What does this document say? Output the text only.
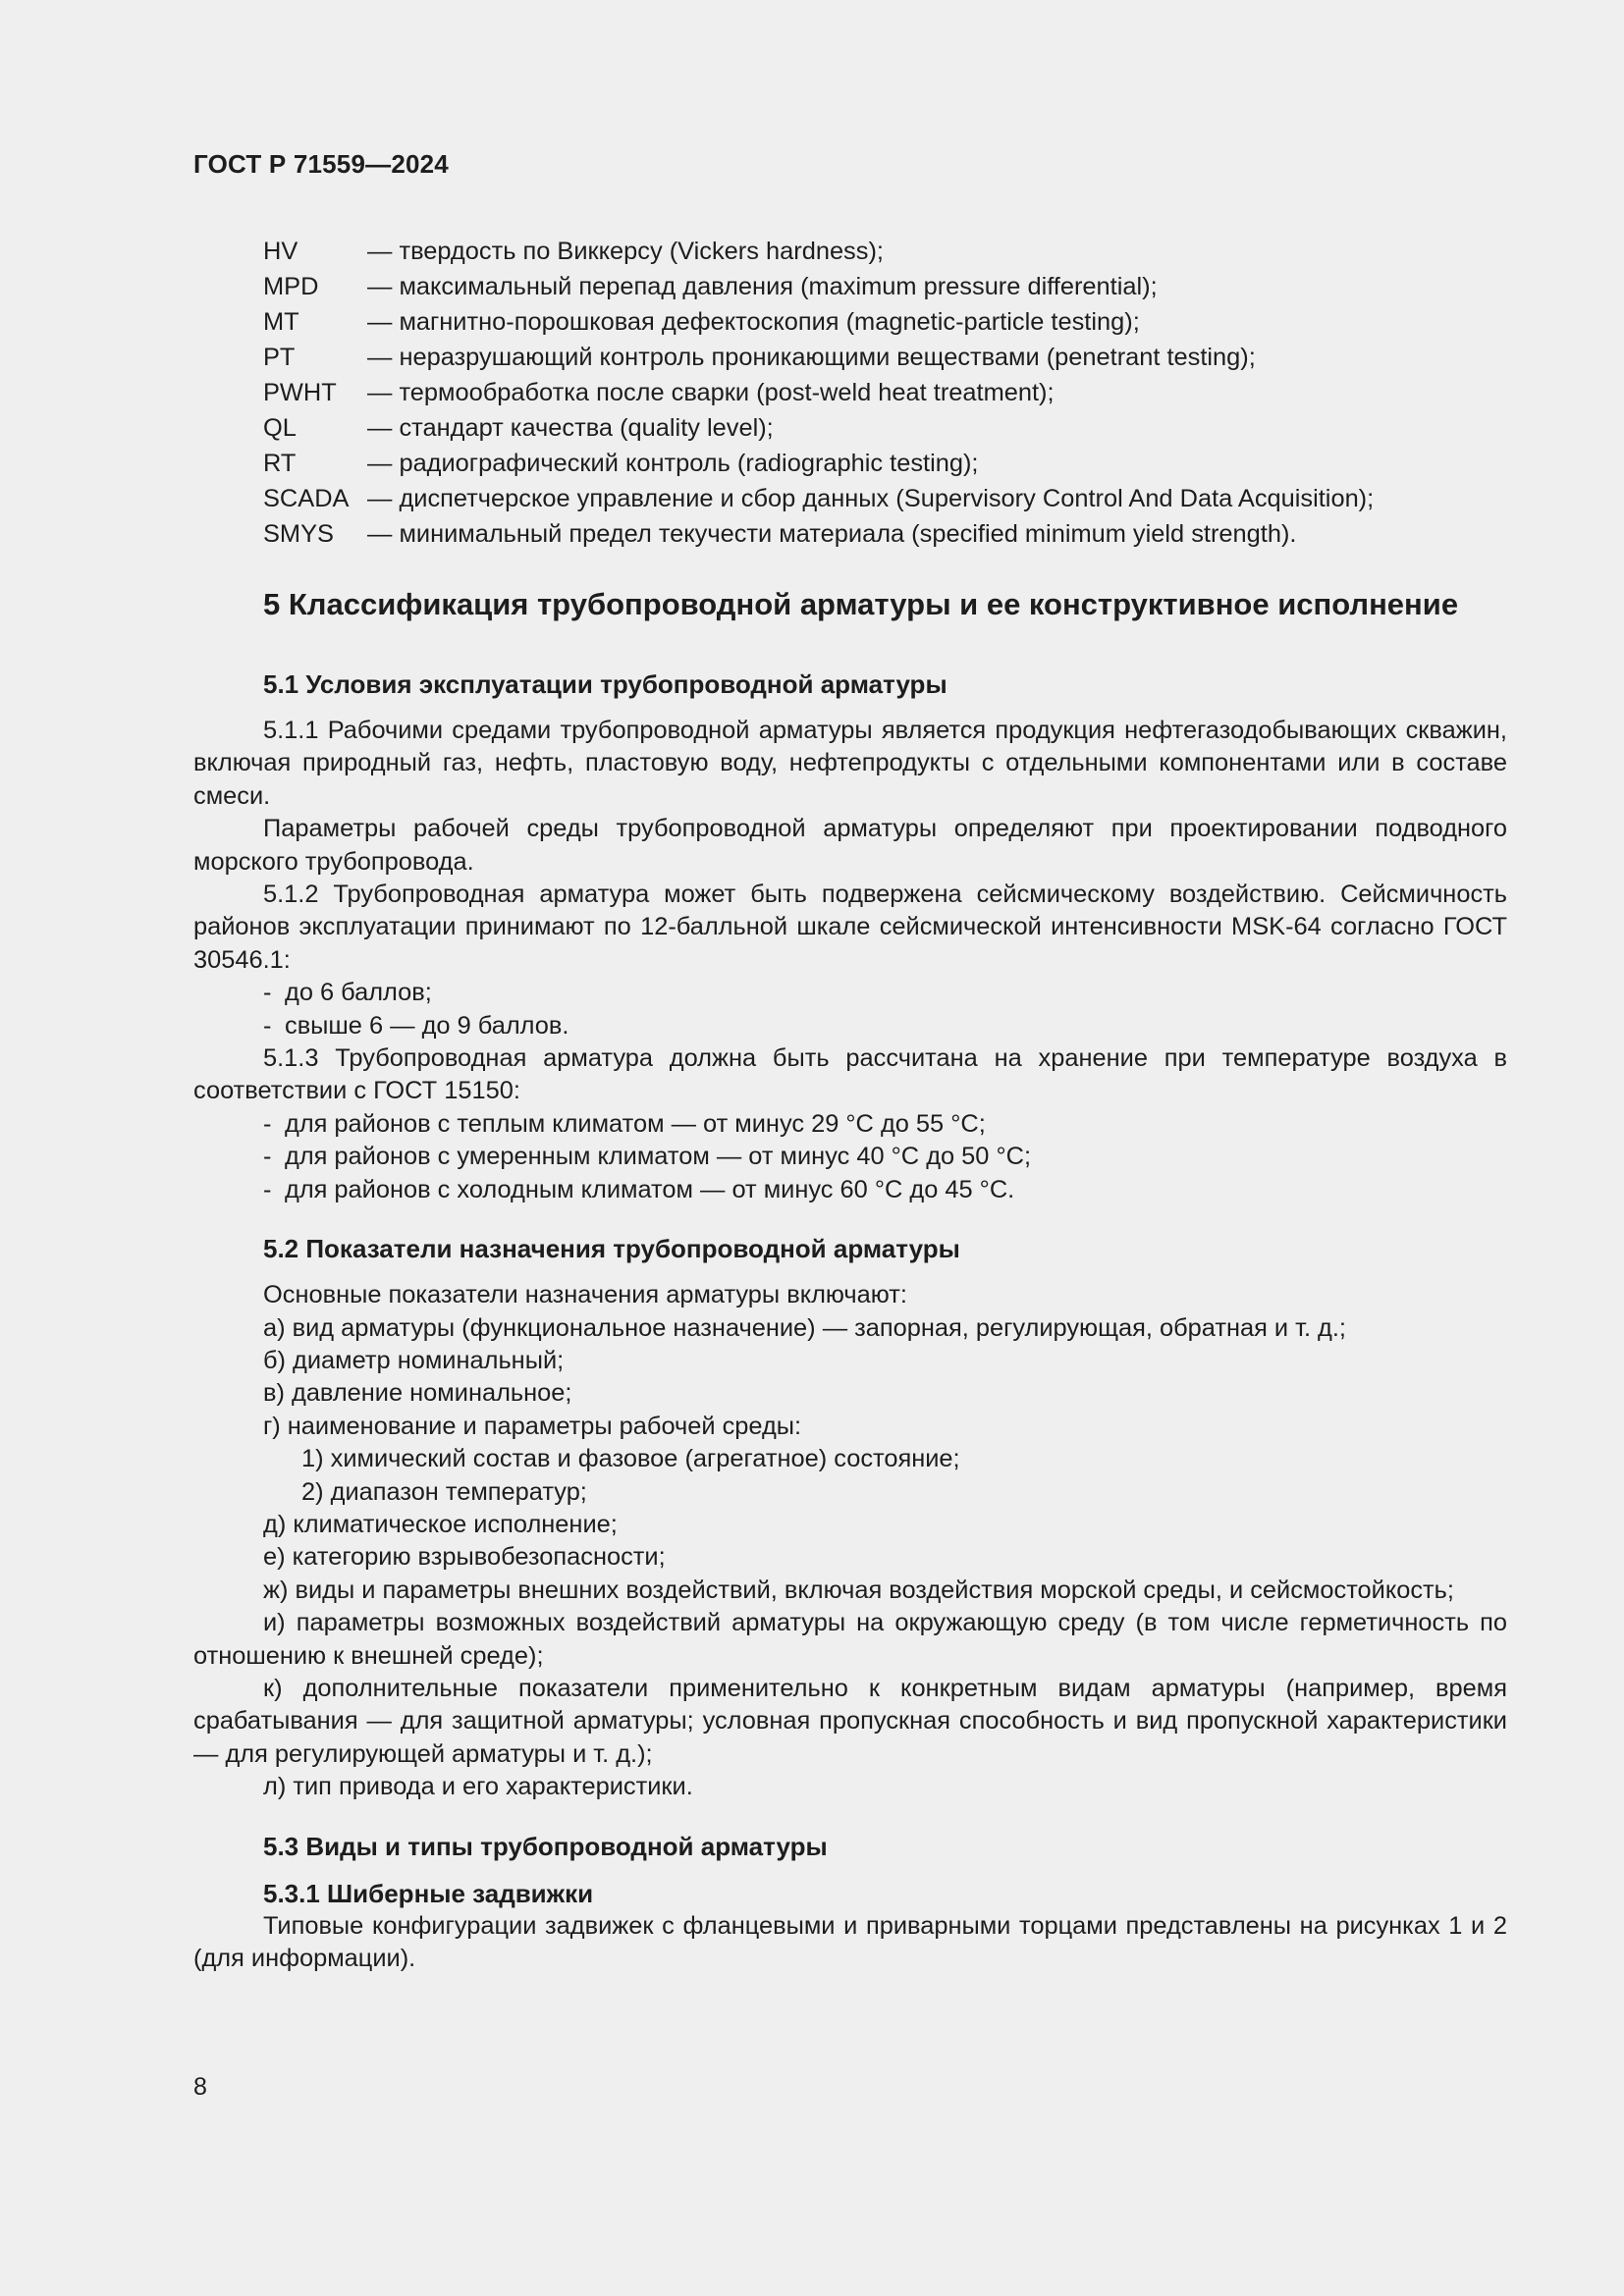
ГОСТ Р 71559—2024
HV	— твердость по Виккерсу (Vickers hardness);
MPD	— максимальный перепад давления (maximum pressure differential);
MT	— магнитно-порошковая дефектоскопия (magnetic-particle testing);
PT	— неразрушающий контроль проникающими веществами (penetrant testing);
PWHT	— термообработка после сварки (post-weld heat treatment);
QL	— стандарт качества (quality level);
RT	— радиографический контроль (radiographic testing);
SCADA — диспетчерское управление и сбор данных (Supervisory Control And Data Acquisition);
SMYS	— минимальный предел текучести материала (specified minimum yield strength).
5 Классификация трубопроводной арматуры и ее конструктивное исполнение
5.1 Условия эксплуатации трубопроводной арматуры

5.1.1 Рабочими средами трубопроводной арматуры является продукция нефтегазодобывающих скважин, включая природный газ, нефть, пластовую воду, нефтепродукты с отдельными компонентами или в составе смеси.

Параметры рабочей среды трубопроводной арматуры определяют при проектировании подводного морского трубопровода.

5.1.2 Трубопроводная арматура может быть подвержена сейсмическому воздействию. Сейсмичность районов эксплуатации принимают по 12-балльной шкале сейсмической интенсивности MSK-64 согласно ГОСТ 30546.1:

- до 6 баллов;
- свыше 6 — до 9 баллов.

5.1.3 Трубопроводная арматура должна быть рассчитана на хранение при температуре воздуха в соответствии с ГОСТ 15150:

- для районов с теплым климатом — от минус 29 °C до 55 °C;
- для районов с умеренным климатом — от минус 40 °C до 50 °C;
- для районов с холодным климатом — от минус 60 °C до 45 °C.
5.2 Показатели назначения трубопроводной арматуры
Основные показатели назначения арматуры включают:
а) вид арматуры (функциональное назначение) — запорная, регулирующая, обратная и т. д.;
б) диаметр номинальный;
в) давление номинальное;
г) наименование и параметры рабочей среды:
1) химический состав и фазовое (агрегатное) состояние;
2) диапазон температур;
д) климатическое исполнение;
е) категорию взрывобезопасности;

ж) виды и параметры внешних воздействий, включая воздействия морской среды, и сейсмостойкость;

и) параметры возможных воздействий арматуры на окружающую среду (в том числе герметичность по отношению к внешней среде);

к) дополнительные показатели применительно к конкретным видам арматуры (например, время срабатывания — для защитной арматуры; условная пропускная способность и вид пропускной характеристики — для регулирующей арматуры и т. д.);

л) тип привода и его характеристики.
5.3 Виды и типы трубопроводной арматуры
5.3.1 Шиберные задвижки

Типовые конфигурации задвижек с фланцевыми и приварными торцами представлены на рисунках 1 и 2 (для информации).

8
